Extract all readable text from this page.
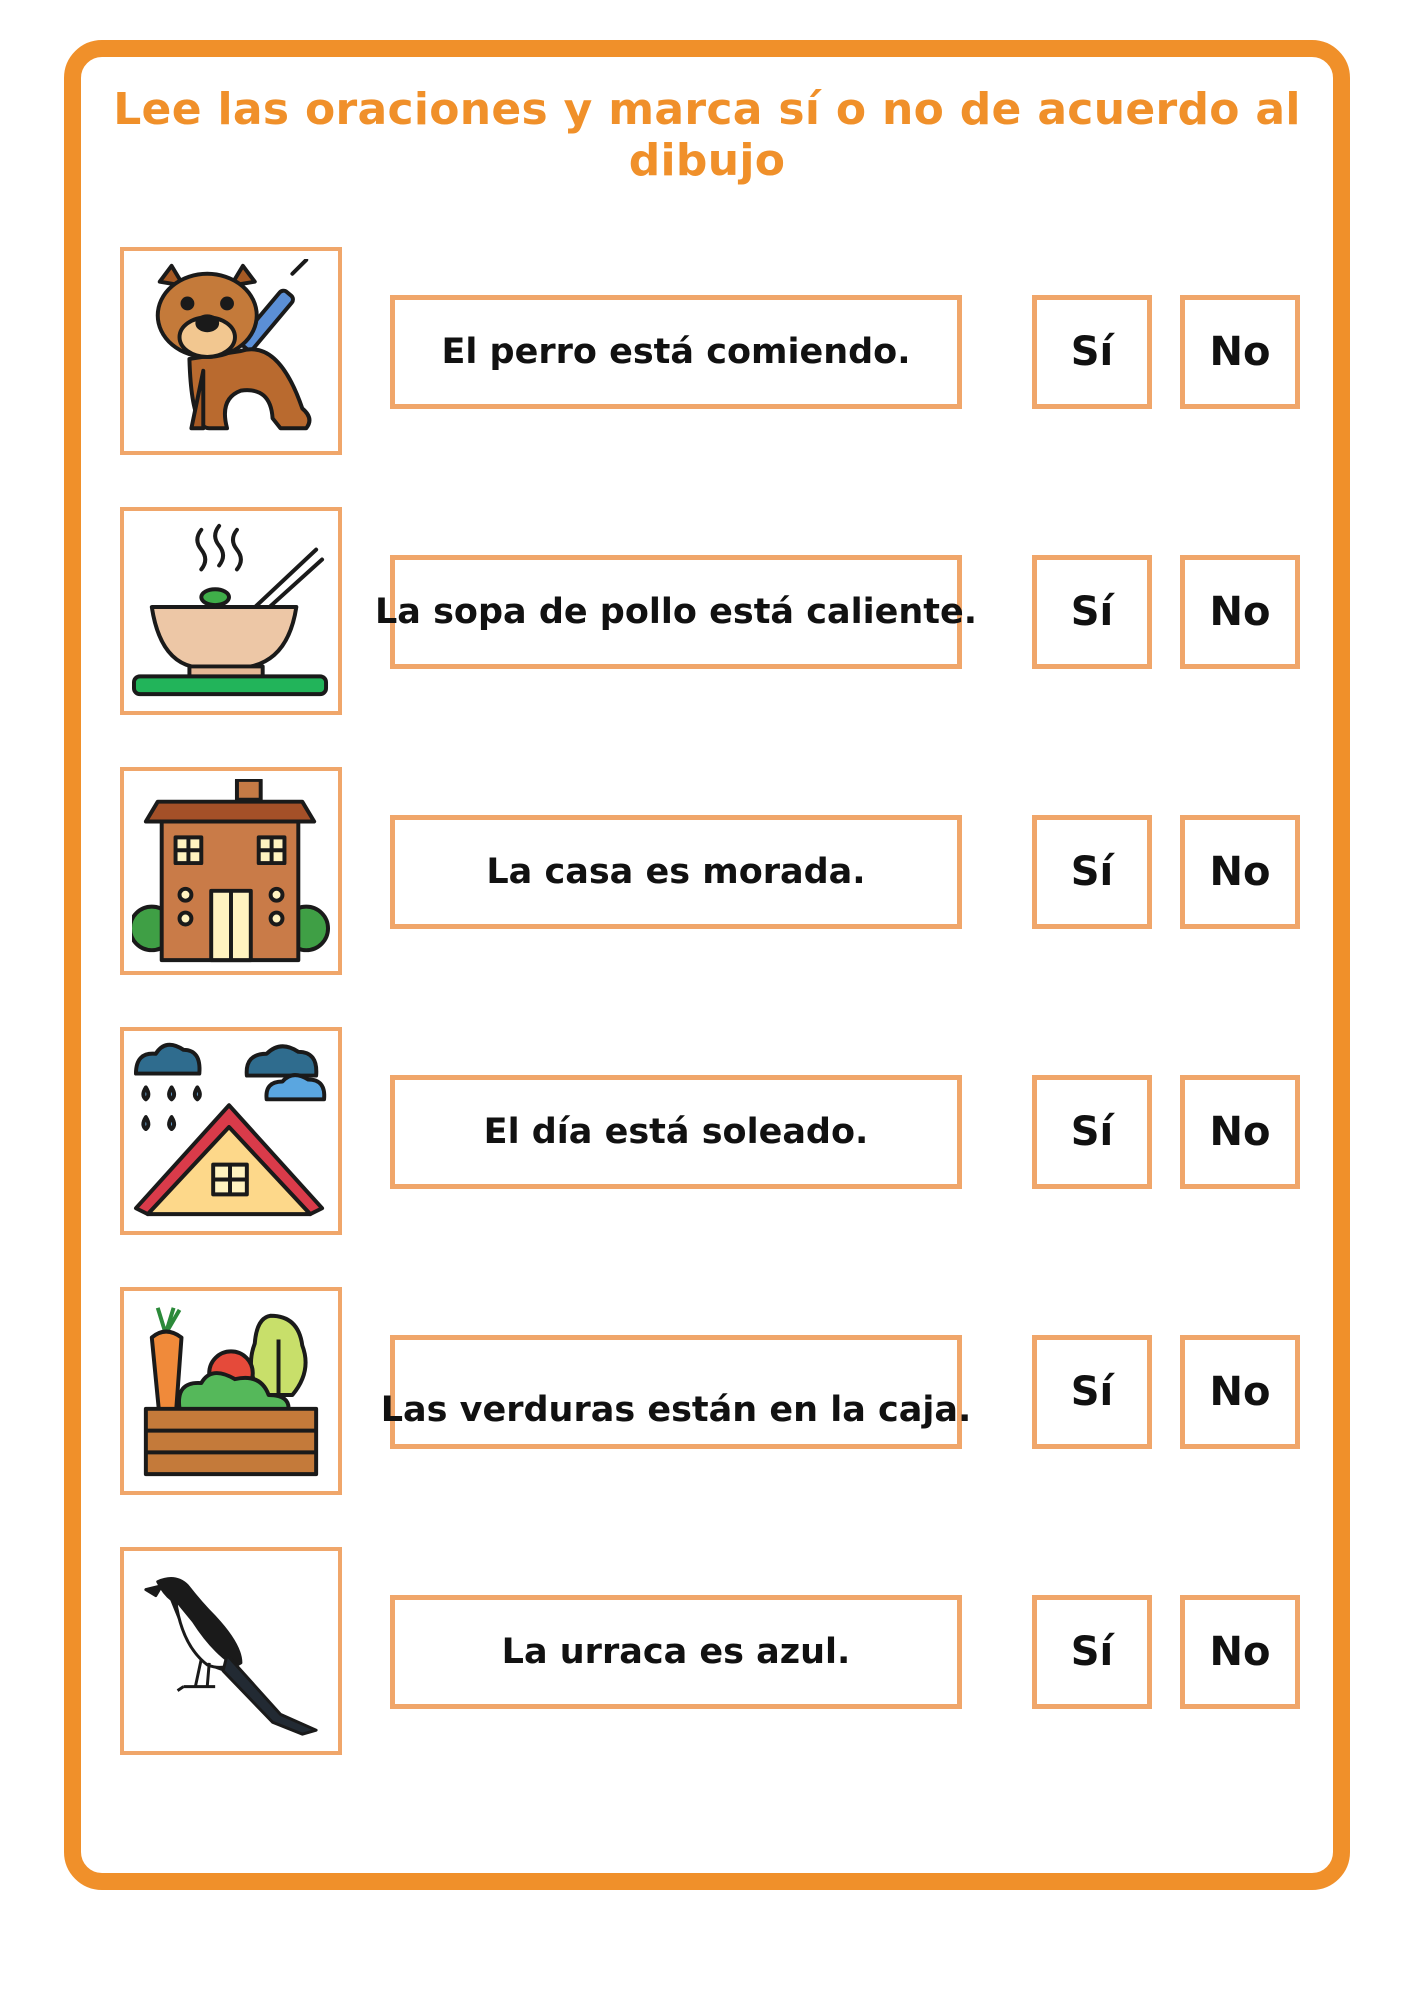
Lee las oraciones y marca sí o no de acuerdo al dibujo
El perro está comiendo.	Sí	No
La sopa de pollo está caliente.	Sí	No
La casa es morada.	Sí	No
El día está soleado.	Sí	No
Las verduras están en la caja.	Sí	No
La urraca es azul.	Sí	No
